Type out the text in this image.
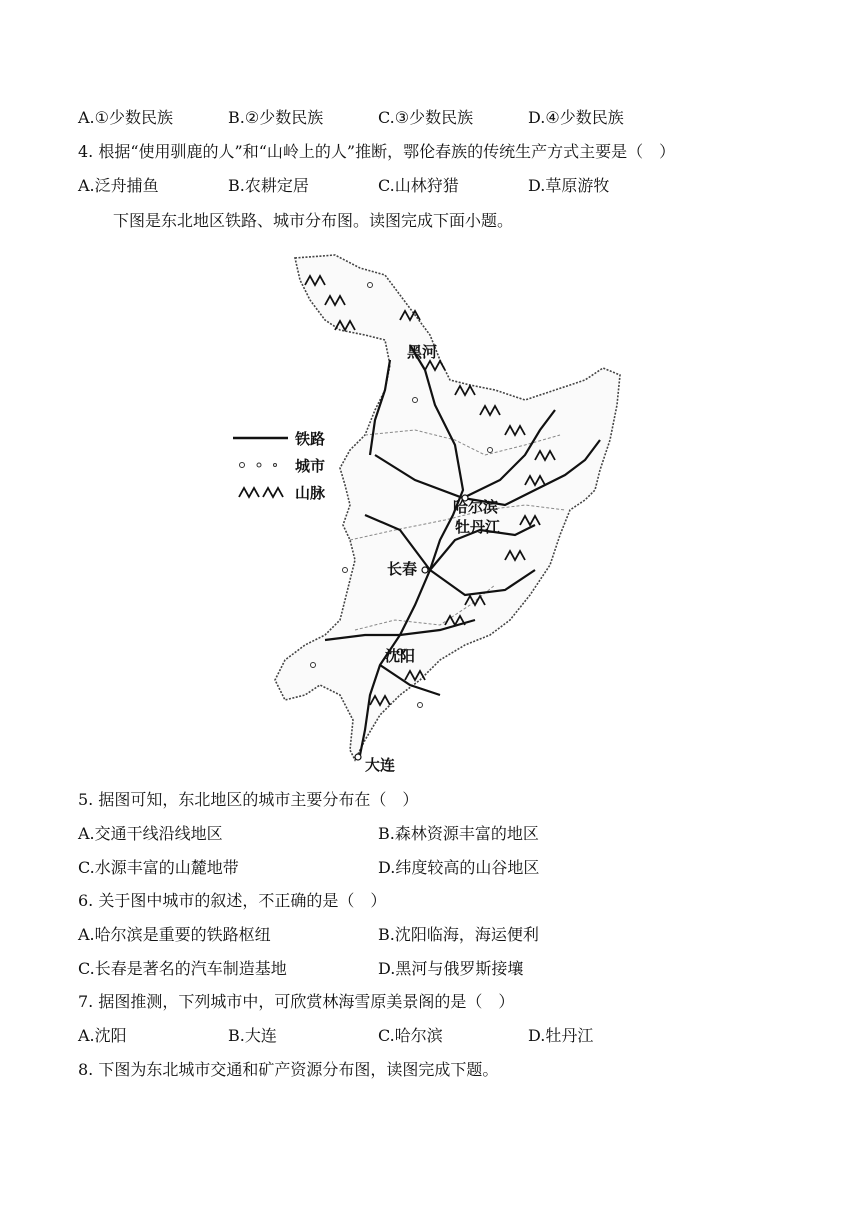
A.①少数民族	B.②少数民族	C.③少数民族	D.④少数民族
4. 根据“使用驯鹿的人”和“山岭上的人”推断，鄂伦春族的传统生产方式主要是（　）
A.泛舟捕鱼	B.农耕定居	C.山林狩猎	D.草原游牧
下图是东北地区铁路、城市分布图。读图完成下面小题。
铁路
城市
山脉
黑河
哈尔滨
牡丹江
长春
沈阳
大连
5. 据图可知，东北地区的城市主要分布在（　）
A.交通干线沿线地区	B.森林资源丰富的地区
C.水源丰富的山麓地带	D.纬度较高的山谷地区
6. 关于图中城市的叙述，不正确的是（　）
A.哈尔滨是重要的铁路枢纽	B.沈阳临海，海运便利
C.长春是著名的汽车制造基地	D.黑河与俄罗斯接壤
7. 据图推测，下列城市中，可欣赏林海雪原美景阁的是（　）
A.沈阳	B.大连	C.哈尔滨	D.牡丹江
8. 下图为东北城市交通和矿产资源分布图，读图完成下题。
